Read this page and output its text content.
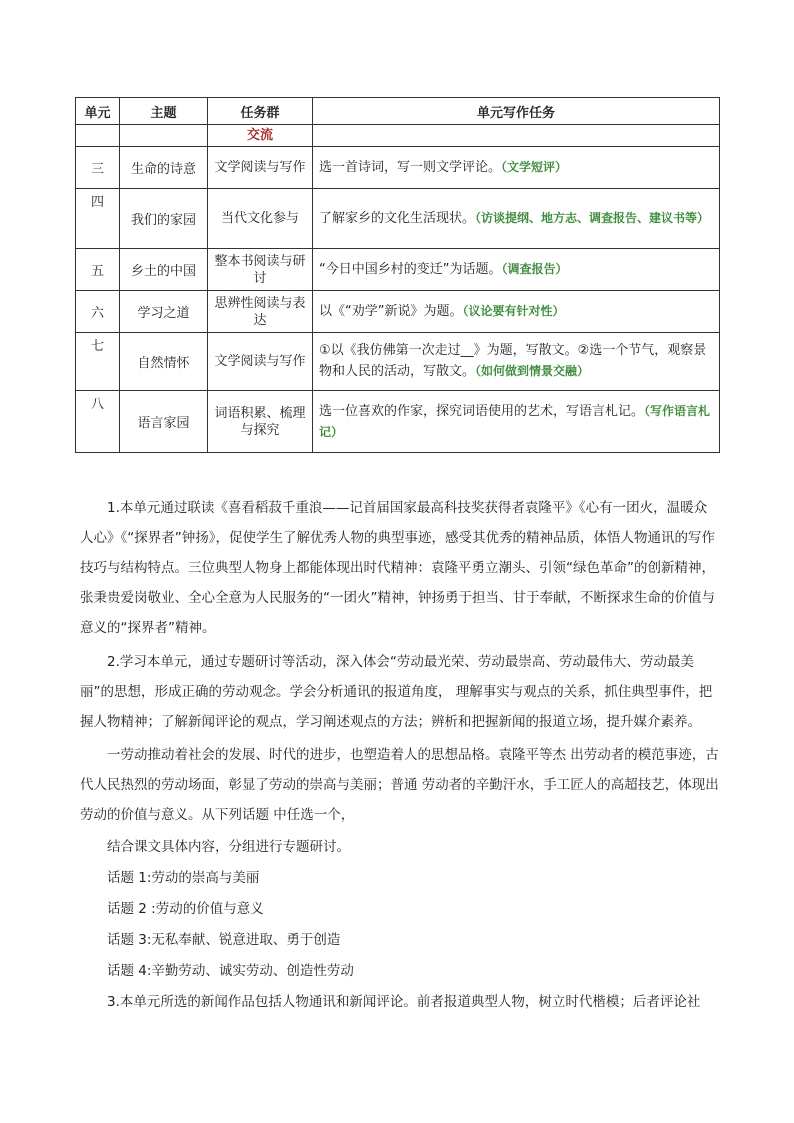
单元	主题	任务群	单元写作任务
		交流	
三	生命的诗意	文学阅读与写作	选一首诗词，写一则文学评论。（文学短评）
四	我们的家园	当代文化参与	了解家乡的文化生活现状。（访谈提纲、地方志、调查报告、建议书等）
五	乡土的中国	整本书阅读与研讨	“今日中国乡村的变迁”为话题。（调查报告）
六	学习之道	思辨性阅读与表达	以《“劝学”新说》为题。（议论要有针对性）
七	自然情怀	文学阅读与写作	①以《我仿佛第一次走过__》为题，写散文。②选一个节气，观察景物和人民的活动，写散文。（如何做到情景交融）
八	语言家园	词语积累、梳理与探究	选一位喜欢的作家，探究词语使用的艺术，写语言札记。（写作语言札记）

1.本单元通过联读《喜看稻菽千重浪——记首届国家最高科技奖获得者袁隆平》《心有一团火，温暖众人心》《“探界者”钟扬》，促使学生了解优秀人物的典型事迹，感受其优秀的精神品质，体悟人物通讯的写作技巧与结构特点。三位典型人物身上都能体现出时代精神：袁隆平勇立潮头、引领“绿色革命”的创新精神，张秉贵爱岗敬业、全心全意为人民服务的“一团火”精神，钟扬勇于担当、甘于奉献，不断探求生命的价值与意义的“探界者”精神。

2.学习本单元，通过专题研讨等活动，深入体会“劳动最光荣、劳动最崇高、劳动最伟大、劳动最美丽”的思想，形成正确的劳动观念。学会分析通讯的报道角度， 理解事实与观点的关系，抓住典型事件，把握人物精神；了解新闻评论的观点，学习阐述观点的方法；辨析和把握新闻的报道立场，提升媒介素养。

一劳动推动着社会的发展、时代的进步，也塑造着人的思想品格。袁隆平等杰 出劳动者的模范事迹，古代人民热烈的劳动场面，彰显了劳动的崇高与美丽；普通 劳动者的辛勤汗水，手工匠人的高超技艺，体现出劳动的价值与意义。从下列话题 中任选一个，

结合课文具体内容，分组进行专题研讨。

话题 1:劳动的崇高与美丽

话题 2 :劳动的价值与意义

话题 3:无私奉献、锐意进取、勇于创造

话题 4:辛勤劳动、诚实劳动、创造性劳动

3.本单元所选的新闻作品包括人物通讯和新闻评论。前者报道典型人物，树立时代楷模；后者评论社
